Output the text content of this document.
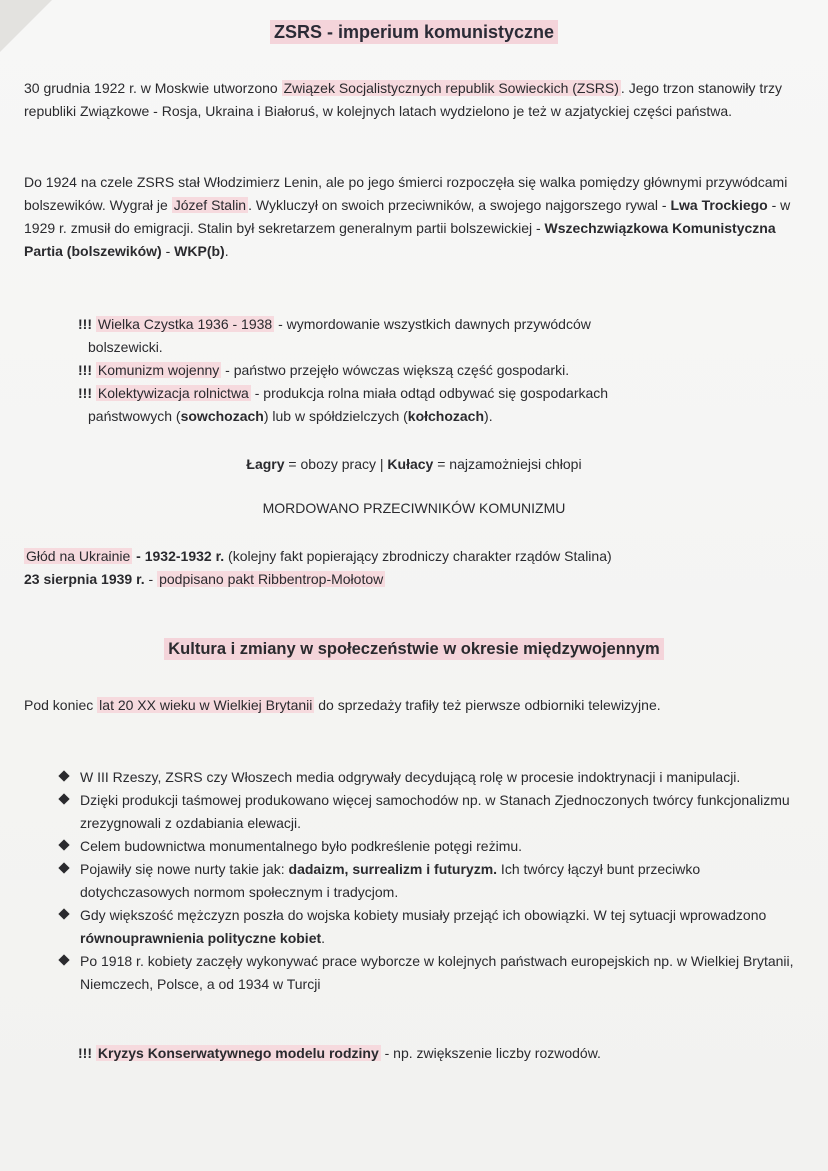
ZSRS - imperium komunistyczne
30 grudnia 1922 r. w Moskwie utworzono Związek Socjalistycznych republik Sowieckich (ZSRS) . Jego trzon stanowiły trzy republiki Związkowe - Rosja, Ukraina i Białoruś, w kolejnych latach wydzielono je też w azjatyckiej części państwa.
Do 1924 na czele ZSRS stał Włodzimierz Lenin, ale po jego śmierci rozpoczęła się walka pomiędzy głównymi przywódcami bolszewików. Wygrał je Józef Stalin . Wykluczył on swoich przeciwników, a swojego najgorszego rywal - Lwa Trockiego - w 1929 r. zmusił do emigracji. Stalin był sekretarzem generalnym partii bolszewickiej - Wszechzwiązkowa Komunistyczna Partia (bolszewików) - WKP(b).
!!! Wielka Czystka 1936 - 1938 - wymordowanie wszystkich dawnych przywódców
bolszewicki.
!!! Komunizm wojenny - państwo przejęło wówczas większą część gospodarki.
!!! Kolektywizacja rolnictwa - produkcja rolna miała odtąd odbywać się gospodarkach
państwowych (sowchozach) lub w spółdzielczych (kołchozach).
Łagry = obozy pracy | Kułacy = najzamożniejsi chłopi
MORDOWANO PRZECIWNIKÓW KOMUNIZMU
Głód na Ukrainie - 1932-1932 r. (kolejny fakt popierający zbrodniczy charakter rządów Stalina)
23 sierpnia 1939 r. - podpisano pakt Ribbentrop-Mołotow
Kultura i zmiany w społeczeństwie w okresie międzywojennym
Pod koniec lat 20 XX wieku w Wielkiej Brytanii do sprzedaży trafiły też pierwsze odbiorniki telewizyjne.
W III Rzeszy, ZSRS czy Włoszech media odgrywały decydującą rolę w procesie indoktrynacji i manipulacji.
Dzięki produkcji taśmowej produkowano więcej samochodów np. w Stanach Zjednoczonych twórcy funkcjonalizmu zrezygnowali z ozdabiania elewacji.
Celem budownictwa monumentalnego było podkreślenie potęgi reżimu.
Pojawiły się nowe nurty takie jak: dadaizm, surrealizm i futuryzm. Ich twórcy łączył bunt przeciwko dotychczasowych normom społecznym i tradycjom.
Gdy większość mężczyzn poszła do wojska kobiety musiały przejąć ich obowiązki. W tej sytuacji wprowadzono równouprawnienia polityczne kobiet.
Po 1918 r. kobiety zaczęły wykonywać prace wyborcze w kolejnych państwach europejskich np. w Wielkiej Brytanii, Niemczech, Polsce, a od 1934 w Turcji
!!! Kryzys Konserwatywnego modelu rodziny - np. zwiększenie liczby rozwodów.
